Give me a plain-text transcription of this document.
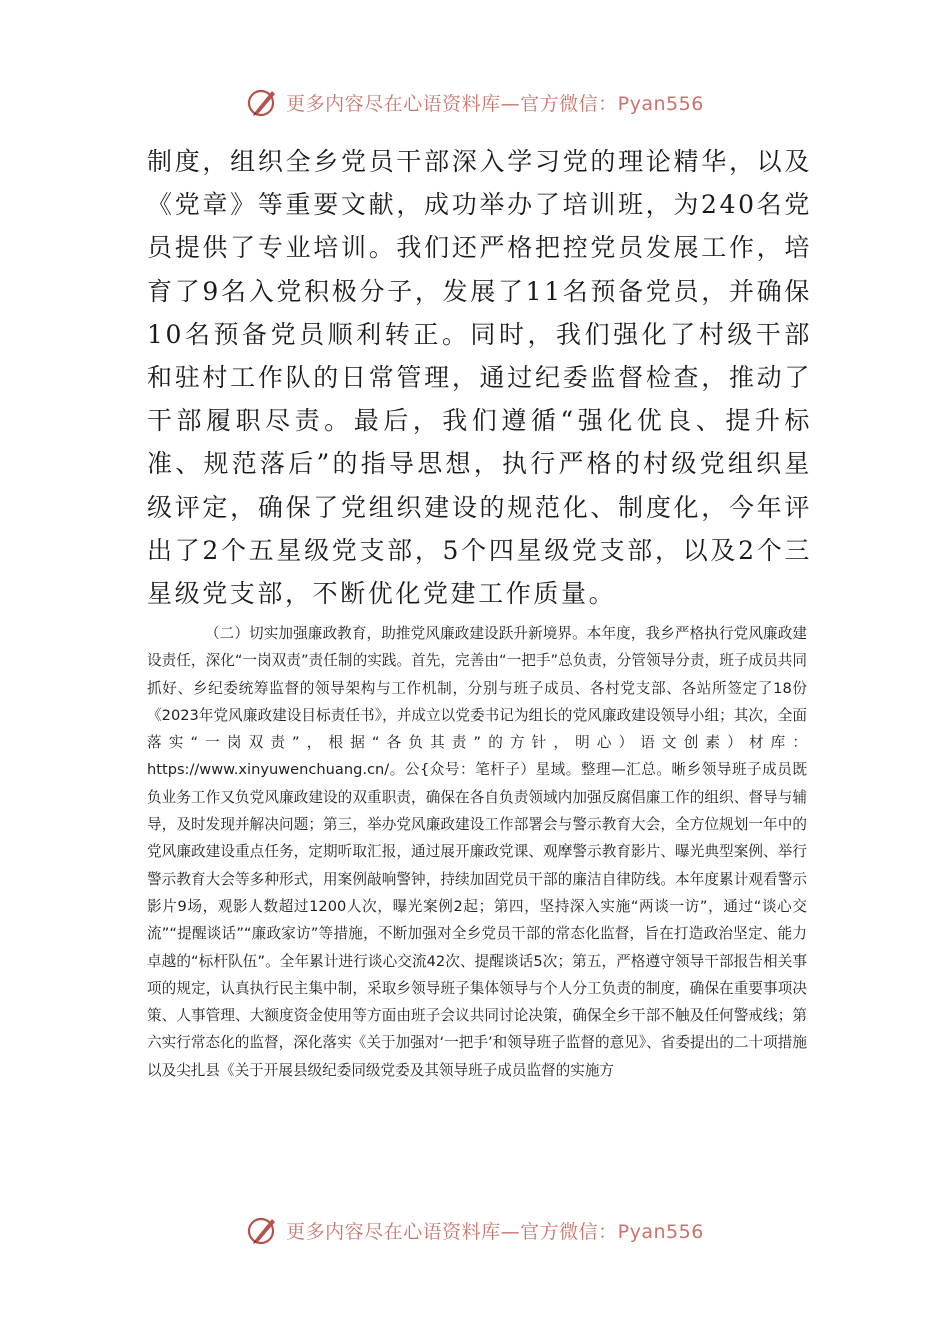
更多内容尽在心语资料库—官方微信：Pyan556

制度，组织全乡党员干部深入学习党的理论精华，以及《党章》等重要文献，成功举办了培训班，为240名党员提供了专业培训。我们还严格把控党员发展工作，培育了9名入党积极分子，发展了11名预备党员，并确保10名预备党员顺利转正。同时，我们强化了村级干部和驻村工作队的日常管理，通过纪委监督检查，推动了干部履职尽责。最后，我们遵循“强化优良、提升标准、规范落后”的指导思想，执行严格的村级党组织星级评定，确保了党组织建设的规范化、制度化，今年评出了2个五星级党支部，5个四星级党支部，以及2个三星级党支部，不断优化党建工作质量。

（二）切实加强廉政教育，助推党风廉政建设跃升新境界。本年度，我乡严格执行党风廉政建设责任，深化“一岗双责”责任制的实践。首先，完善由“一把手”总负责，分管领导分责，班子成员共同抓好、乡纪委统筹监督的领导架构与工作机制，分别与班子成员、各村党支部、各站所签定了18份《2023年党风廉政建设目标责任书》，并成立以党委书记为组长的党风廉政建设领导小组；其次，全面落实“一岗双责”，根据“各负其责”的方针，明心）语文创素）材库：https://www.xinyuwenchuang.cn/。公{众号：笔杆子）星域。整理—汇总。晰乡领导班子成员既负业务工作又负党风廉政建设的双重职责，确保在各自负责领域内加强反腐倡廉工作的组织、督导与辅导，及时发现并解决问题；第三，举办党风廉政建设工作部署会与警示教育大会，全方位规划一年中的党风廉政建设重点任务，定期听取汇报，通过展开廉政党课、观摩警示教育影片、曝光典型案例、举行警示教育大会等多种形式，用案例敲响警钟，持续加固党员干部的廉洁自律防线。本年度累计观看警示影片9场，观影人数超过1200人次，曝光案例2起；第四，坚持深入实施“两谈一访”，通过“谈心交流”“提醒谈话”“廉政家访”等措施，不断加强对全乡党员干部的常态化监督，旨在打造政治坚定、能力卓越的“标杆队伍”。全年累计进行谈心交流42次、提醒谈话5次；第五，严格遵守领导干部报告相关事项的规定，认真执行民主集中制，采取乡领导班子集体领导与个人分工负责的制度，确保在重要事项决策、人事管理、大额度资金使用等方面由班子会议共同讨论决策，确保全乡干部不触及任何警戒线；第六实行常态化的监督，深化落实《关于加强对‘一把手’和领导班子监督的意见》、省委提出的二十项措施以及尖扎县《关于开展县级纪委同级党委及其领导班子成员监督的实施方

更多内容尽在心语资料库—官方微信：Pyan556
